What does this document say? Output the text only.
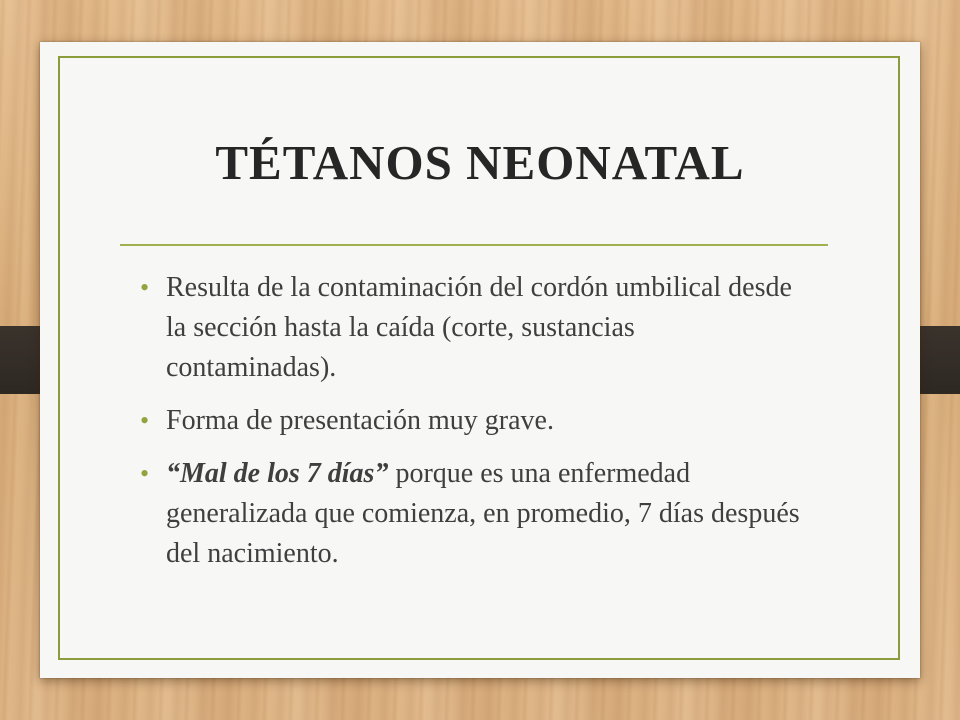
TÉTANOS NEONATAL
• Resulta de la contaminación del cordón umbilical desde la sección hasta la caída (corte, sustancias contaminadas).
• Forma de presentación muy grave.
• “Mal de los 7 días” porque es una enfermedad generalizada que comienza, en promedio, 7 días después del nacimiento.
